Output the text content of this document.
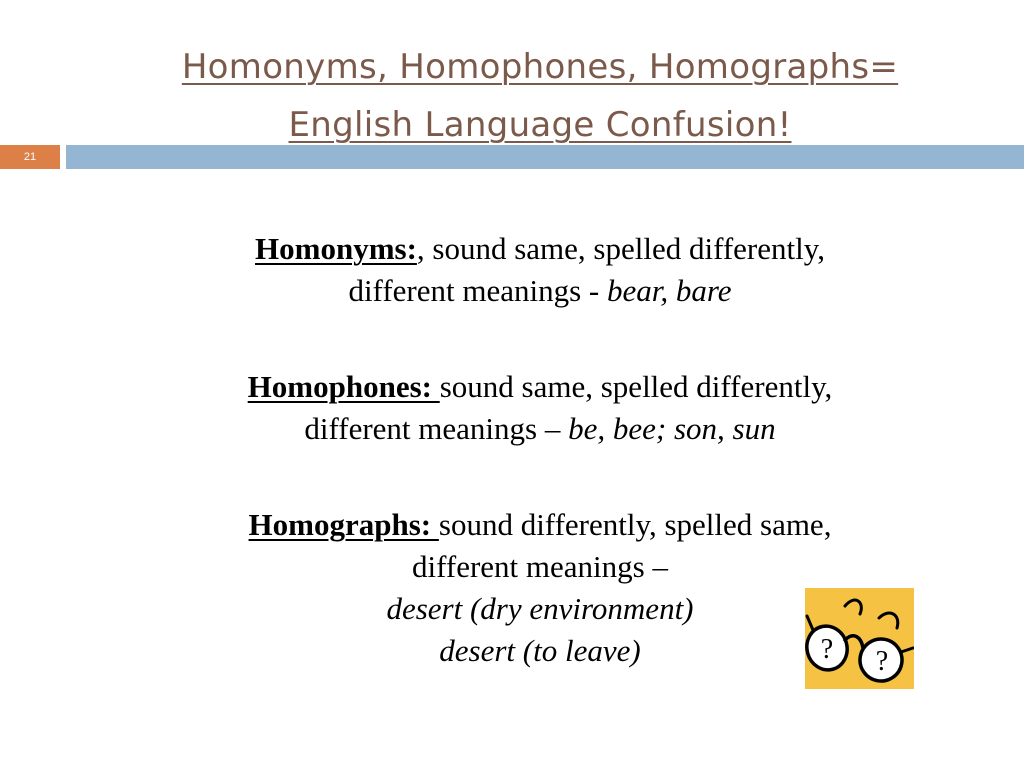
Homonyms, Homophones, Homographs=
English Language Confusion!
21
Homonyms:, sound same, spelled differently,
different meanings - bear, bare
Homophones: sound same, spelled differently,
different meanings – be, bee; son, sun
Homographs: sound differently, spelled same,
different meanings –
desert (dry environment)
desert (to leave)	? ?
